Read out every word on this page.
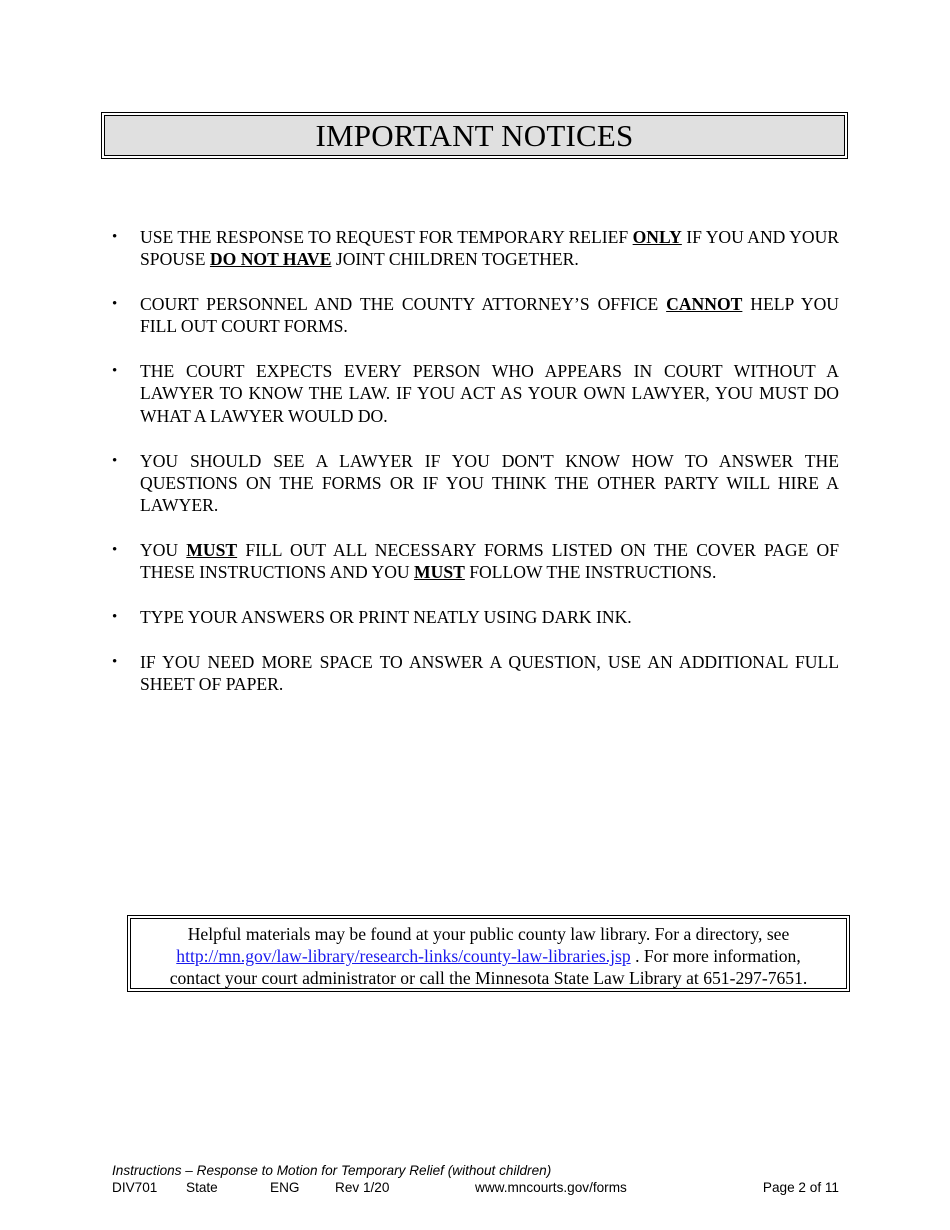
IMPORTANT NOTICES
• USE THE RESPONSE TO REQUEST FOR TEMPORARY RELIEF ONLY IF YOU AND YOUR SPOUSE DO NOT HAVE JOINT CHILDREN TOGETHER.
• COURT PERSONNEL AND THE COUNTY ATTORNEY’S OFFICE CANNOT HELP YOU FILL OUT COURT FORMS.
• THE COURT EXPECTS EVERY PERSON WHO APPEARS IN COURT WITHOUT A LAWYER TO KNOW THE LAW. IF YOU ACT AS YOUR OWN LAWYER, YOU MUST DO WHAT A LAWYER WOULD DO.
• YOU SHOULD SEE A LAWYER IF YOU DON'T KNOW HOW TO ANSWER THE QUESTIONS ON THE FORMS OR IF YOU THINK THE OTHER PARTY WILL HIRE A LAWYER.
• YOU MUST FILL OUT ALL NECESSARY FORMS LISTED ON THE COVER PAGE OF THESE INSTRUCTIONS AND YOU MUST FOLLOW THE INSTRUCTIONS.
• TYPE YOUR ANSWERS OR PRINT NEATLY USING DARK INK.
• IF YOU NEED MORE SPACE TO ANSWER A QUESTION, USE AN ADDITIONAL FULL SHEET OF PAPER.
Helpful materials may be found at your public county law library. For a directory, see
http://mn.gov/law-library/research-links/county-law-libraries.jsp . For more information,
contact your court administrator or call the Minnesota State Law Library at 651-297-7651.
Instructions – Response to Motion for Temporary Relief (without children)
DIV701 State	ENG	Rev 1/20	www.mncourts.gov/forms	Page 2 of 11
